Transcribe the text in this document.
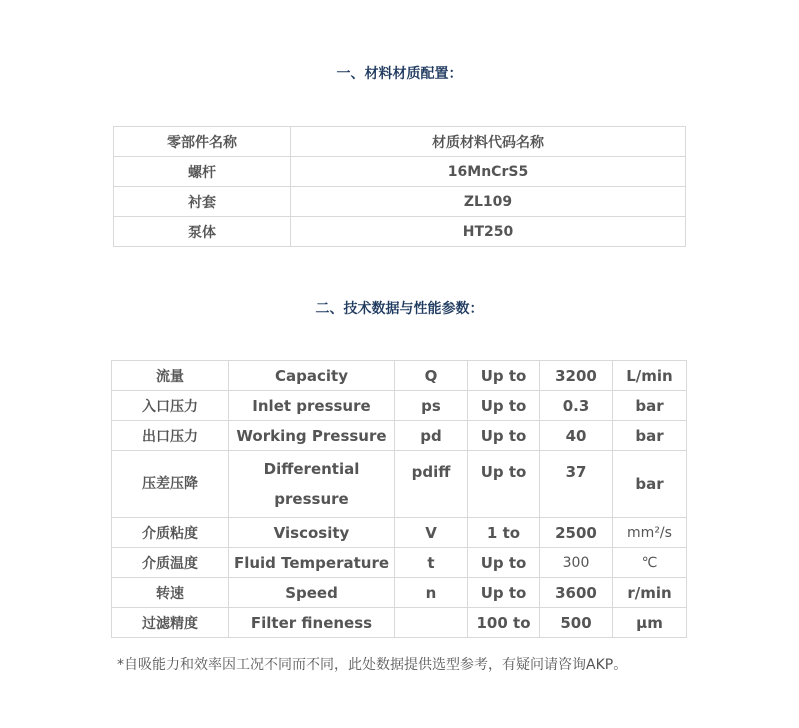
一、材料材质配置：
零部件名称	材质材料代码名称
螺杆	16MnCrS5
衬套	ZL109
泵体	HT250
二、技术数据与性能参数：
流量	Capacity	Q	Up to	3200	L/min
入口压力	Inlet pressure	ps	Up to	0.3	bar
出口压力	Working Pressure	pd	Up to	40	bar
压差压降	Differential
pressure	pdiff	Up to	37	bar
介质粘度	Viscosity	V	1 to	2500	mm²/s
介质温度	Fluid Temperature	t	Up to	300	℃
转速	Speed	n	Up to	3600	r/min
过滤精度	Filter fineness		100 to	500	µm
*自吸能力和效率因工况不同而不同，此处数据提供选型参考，有疑问请咨询AKP。
